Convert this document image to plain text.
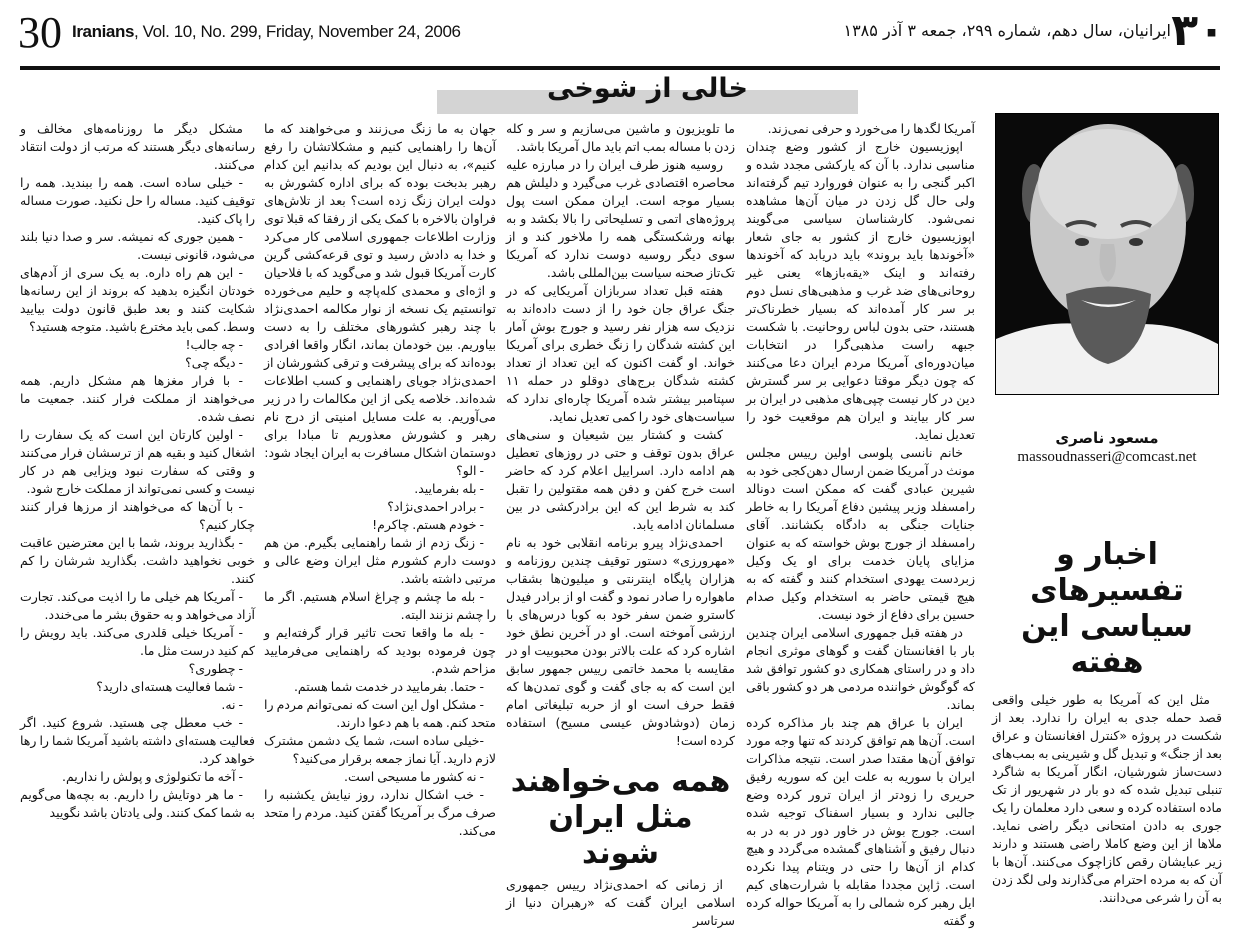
30 Iranians, Vol. 10, No. 299, Friday, November 24, 2006	ایرانیان، سال دهم، شماره ۲۹۹، جمعه ۳ آذر ۱۳۸۵ ۳۰
خالی از شوخی
مسعود ناصری
massoudnasseri@comcast.net
اخبار و تفسیرهای سیاسی این هفته

مثل این که آمریکا به طور خیلی واقعی قصد حمله جدی به ایران را ندارد. بعد از شکست در پروژه «کنترل افغانستان و عراق بعد از جنگ» و تبدیل گل و شیرینی به بمب‌های دست‌ساز شورشیان، انگار آمریکا به شاگرد تنبلی تبدیل شده که دو بار در شهریور از تک ماده استفاده کرده و سعی دارد معلمان را یک جوری به دادن امتحانی دیگر راضی نماید. ملاها از این وضع کاملا راضی هستند و دارند زیر عبایشان رقص کازاچوک می‌کنند. آن‌ها با آن که به مرده احترام می‌گذارند ولی لگد زدن به آن را شرعی می‌دانند.

آمریکا لگدها را می‌خورد و حرفی نمی‌زند.

اپوزیسیون خارج از کشور وضع چندان مناسبی ندارد. با آن که یارکشی مجدد شده و اکبر گنجی را به عنوان فوروارد تیم گرفته‌اند ولی حال گل زدن در میان آن‌ها مشاهده نمی‌شود. کارشناسان سیاسی می‌گویند اپوزیسیون خارج از کشور به جای شعار «آخوندها باید بروند» باید دریابد که آخوندها رفته‌اند و اینک «یقه‌بازها» یعنی غیر روحانی‌های ضد غرب و مذهبی‌های نسل دوم بر سر کار آمده‌اند که بسیار خطرناک‌تر هستند، حتی بدون لباس روحانیت. با شکست جبهه راست مذهبی‌گرا در انتخابات میان‌دوره‌ای آمریکا مردم ایران دعا می‌کنند که چون دیگر موقتا دعوایی بر سر گسترش دین در کار نیست چپی‌های مذهبی در ایران بر سر کار بیایند و ایران هم موقعیت خود را تعدیل نماید.

خانم نانسی پلوسی اولین رییس مجلس مونث در آمریکا ضمن ارسال دهن‌کجی خود به شیرین عبادی گفت که ممکن است دونالد رامسفلد وزیر پیشین دفاع آمریکا را به خاطر جنایات جنگی به دادگاه بکشانند. آقای رامسفلد از جورج بوش خواسته که به عنوان مزایای پایان خدمت برای او یک وکیل زبردست یهودی استخدام کنند و گفته که به هیچ قیمتی حاضر به استخدام وکیل صدام حسین برای دفاع از خود نیست.

در هفته قبل جمهوری اسلامی ایران چندین بار با افغانستان گفت و گوهای موثری انجام داد و در راستای همکاری دو کشور توافق شد که گوگوش خواننده مردمی هر دو کشور باقی بماند.

ایران با عراق هم چند بار مذاکره کرده است. آن‌ها هم توافق کردند که تنها وجه مورد توافق آن‌ها مقتدا صدر است. نتیجه مذاکرات ایران با سوریه به علت این که سوریه رفیق حریری را زودتر از ایران ترور کرده وضع جالبی ندارد و بسیار اسفناک توجیه شده است. جورج بوش در خاور دور در به در به دنبال رفیق و آشناهای گمشده می‌گردد و هیچ کدام از آن‌ها را حتی در ویتنام پیدا نکرده است. ژاپن مجددا مقابله با شرارت‌های کیم ایل رهبر کره شمالی را به آمریکا حواله کرده و گفته

ما تلویزیون و ماشین می‌سازیم و سر و کله زدن با مساله بمب اتم باید مال آمریکا باشد.

روسیه هنوز طرف ایران را در مبارزه علیه محاصره اقتصادی غرب می‌گیرد و دلیلش هم بسیار موجه است. ایران ممکن است پول پروژه‌های اتمی و تسلیحاتی را بالا بکشد و به بهانه ورشکستگی همه را ملاخور کند و از سوی دیگر روسیه دوست ندارد که آمریکا تک‌تاز صحنه سیاست بین‌المللی باشد.

هفته قبل تعداد سربازان آمریکایی که در جنگ عراق جان خود را از دست داده‌اند به نزدیک سه هزار نفر رسید و جورج بوش آمار این کشته شدگان را زنگ خطری برای آمریکا خواند. او گفت اکنون که این تعداد از تعداد کشته شدگان برج‌های دوقلو در حمله ۱۱ سپتامبر بیشتر شده آمریکا چاره‌ای ندارد که سیاست‌های خود را کمی تعدیل نماید.

کشت و کشتار بین شیعیان و سنی‌های عراق بدون توقف و حتی در روزهای تعطیل هم ادامه دارد. اسراییل اعلام کرد که حاضر است خرج کفن و دفن همه مقتولین را تقبل کند به شرط این که این برادرکشی در بین مسلمانان ادامه یابد.

احمدی‌نژاد پیرو برنامه انقلابی خود به نام «مهرورزی» دستور توقیف چندین روزنامه و هزاران پایگاه اینترنتی و میلیون‌ها بشقاب ماهواره را صادر نمود و گفت او از برادر فیدل کاسترو ضمن سفر خود به کوبا درس‌های با ارزشی آموخته است. او در آخرین نطق خود اشاره کرد که علت بالاتر بودن محبوبیت او در مقایسه با محمد خاتمی رییس جمهور سابق این است که به جای گفت و گوی تمدن‌ها که فقط حرف است او از حربه تبلیغاتی امام زمان (دوشادوش عیسی مسیح) استفاده کرده است!

همه می‌خواهند مثل ایران شوند

از زمانی که احمدی‌نژاد رییس جمهوری اسلامی ایران گفت که «رهبران دنیا از سرتاسر

جهان به ما زنگ می‌زنند و می‌خواهند که ما آن‌ها را راهنمایی کنیم و مشکلاتشان را رفع کنیم»، به دنبال این بودیم که بدانیم این کدام رهبر بدبخت بوده که برای اداره کشورش به دولت ایران زنگ زده است؟ بعد از تلاش‌های فراوان بالاخره با کمک یکی از رفقا که قبلا توی وزارت اطلاعات جمهوری اسلامی کار می‌کرد و خدا به دادش رسید و توی قرعه‌کشی گرین کارت آمریکا قبول شد و می‌گوید که با فلاحیان و اژه‌ای و محمدی کله‌پاچه و حلیم می‌خورده توانستیم یک نسخه از نوار مکالمه احمدی‌نژاد با چند رهبر کشورهای مختلف را به دست بیاوریم. بین خودمان بماند، انگار واقعا افرادی بوده‌اند که برای پیشرفت و ترقی کشورشان از احمدی‌نژاد جویای راهنمایی و کسب اطلاعات شده‌اند. خلاصه یکی از این مکالمات را در زیر می‌آوریم. به علت مسایل امنیتی از درج نام رهبر و کشورش معذوریم تا مبادا برای دوستمان اشکال مسافرت به ایران ایجاد شود:

- الو؟

- بله بفرمایید.

- برادر احمدی‌نژاد؟

- خودم هستم. چاکرم!

- زنگ زدم از شما راهنمایی بگیرم. من هم دوست دارم کشورم مثل ایران وضع عالی و مرتبی داشته باشد.

- بله ما چشم و چراغ اسلام هستیم. اگر ما را چشم نزنند البته.

- بله ما واقعا تحت تاثیر قرار گرفته‌ایم و چون فرموده بودید که راهنمایی می‌فرمایید مزاحم شدم.

- حتما. بفرمایید در خدمت شما هستم.

- مشکل اول این است که نمی‌توانم مردم را متحد کنم. همه با هم دعوا دارند.

-خیلی ساده است، شما یک دشمن مشترک لازم دارید. آیا نماز جمعه برقرار می‌کنید؟

- نه کشور ما مسیحی است.

- خب اشکال ندارد، روز نیایش یکشنبه را صرف مرگ بر آمریکا گفتن کنید. مردم را متحد می‌کند.

مشکل دیگر ما روزنامه‌های مخالف و رسانه‌های دیگر هستند که مرتب از دولت انتقاد می‌کنند.

- خیلی ساده است. همه را ببندید. همه را توقیف کنید. مساله را حل نکنید. صورت مساله را پاک کنید.

- همین جوری که نمیشه. سر و صدا دنیا بلند می‌شود، قانونی نیست.

- این هم راه داره. به یک سری از آدم‌های خودتان انگیزه بدهید که بروند از این رسانه‌ها شکایت کنند و بعد طبق قانون دولت بیایید وسط. کمی باید مخترع باشید. متوجه هستید؟

- چه جالب!

- دیگه چی؟

- با فرار مغزها هم مشکل داریم. همه می‌خواهند از مملکت فرار کنند. جمعیت ما نصف شده.

- اولین کارتان این است که یک سفارت را اشغال کنید و بقیه هم از ترسشان فرار می‌کنند و وقتی که سفارت نبود ویزایی هم در کار نیست و کسی نمی‌تواند از مملکت خارج شود.

- با آن‌ها که می‌خواهند از مرزها فرار کنند چکار کنیم؟

- بگذارید بروند، شما با این معترضین عاقبت خوبی نخواهید داشت. بگذارید شرشان را کم کنند.

- آمریکا هم خیلی ما را اذیت می‌کند. تجارت آزاد می‌خواهد و به حقوق بشر ما می‌خندد.

- آمریکا خیلی قلدری می‌کند. باید رویش را کم کنید درست مثل ما.

- چطوری؟

- شما فعالیت هسته‌ای دارید؟

- نه.

- خب معطل چی هستید. شروع کنید. اگر فعالیت هسته‌ای داشته باشید آمریکا شما را رها خواهد کرد.

- آخه ما تکنولوژی و پولش را نداریم.

- ما هر دوتایش را داریم. به بچه‌ها می‌گویم به شما کمک کنند. ولی یادتان باشد نگویید
